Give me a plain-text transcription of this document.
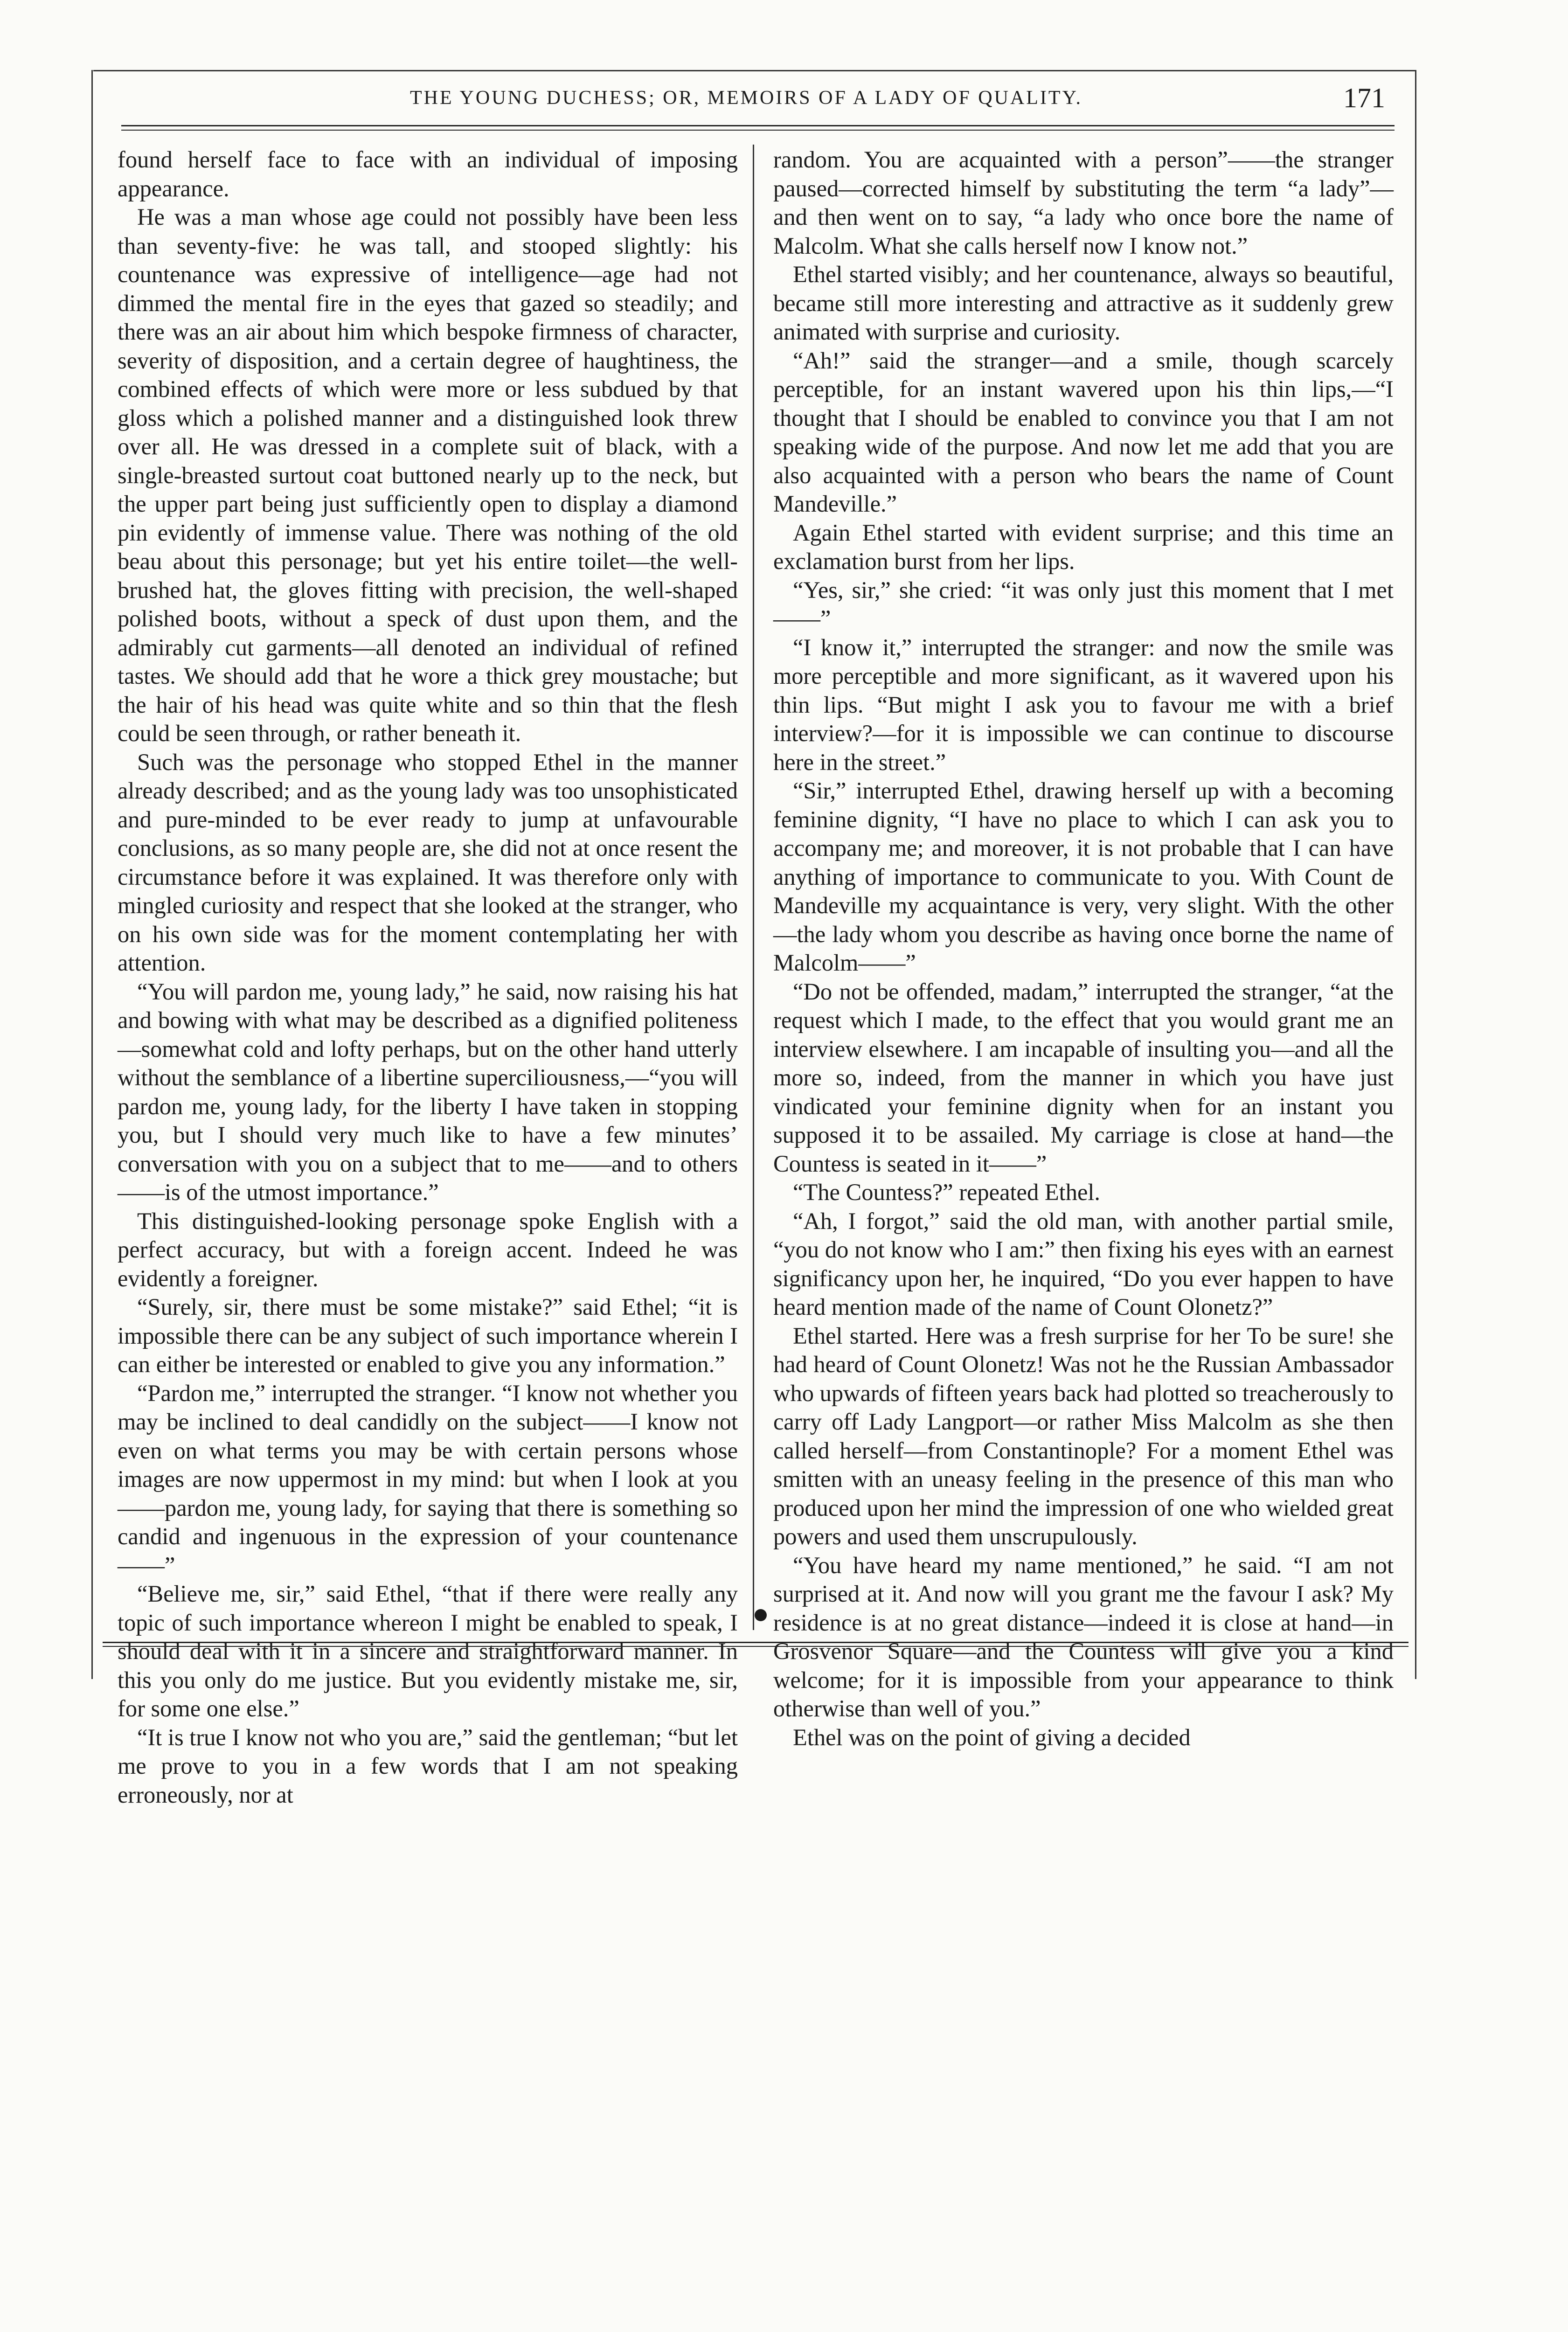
THE YOUNG DUCHESS; OR, MEMOIRS OF A LADY OF QUALITY.	171

found herself face to face with an individual of imposing appearance.

He was a man whose age could not possibly have been less than seventy-five: he was tall, and stooped slightly: his countenance was expressive of intelligence—age had not dimmed the mental fire in the eyes that gazed so steadily; and there was an air about him which bespoke firmness of character, severity of disposition, and a certain degree of haughtiness, the combined effects of which were more or less subdued by that gloss which a polished manner and a distinguished look threw over all. He was dressed in a complete suit of black, with a single-breasted surtout coat buttoned nearly up to the neck, but the upper part being just sufficiently open to display a diamond pin evidently of immense value. There was nothing of the old beau about this personage; but yet his entire toilet—the well-brushed hat, the gloves fitting with precision, the well-shaped polished boots, without a speck of dust upon them, and the admirably cut garments—all denoted an individual of refined tastes. We should add that he wore a thick grey moustache; but the hair of his head was quite white and so thin that the flesh could be seen through, or rather beneath it.

Such was the personage who stopped Ethel in the manner already described; and as the young lady was too unsophisticated and pure-minded to be ever ready to jump at unfavourable conclusions, as so many people are, she did not at once resent the circumstance before it was explained. It was therefore only with mingled curiosity and respect that she looked at the stranger, who on his own side was for the moment contemplating her with attention.

“You will pardon me, young lady,” he said, now raising his hat and bowing with what may be described as a dignified politeness—somewhat cold and lofty perhaps, but on the other hand utterly without the semblance of a libertine superciliousness,—“you will pardon me, young lady, for the liberty I have taken in stopping you, but I should very much like to have a few minutes’ conversation with you on a subject that to me——and to others——is of the utmost importance.”

This distinguished-looking personage spoke English with a perfect accuracy, but with a foreign accent. Indeed he was evidently a foreigner.

“Surely, sir, there must be some mistake?” said Ethel; “it is impossible there can be any subject of such importance wherein I can either be interested or enabled to give you any information.”

“Pardon me,” interrupted the stranger. “I know not whether you may be inclined to deal candidly on the subject——I know not even on what terms you may be with certain persons whose images are now uppermost in my mind: but when I look at you——pardon me, young lady, for saying that there is something so candid and ingenuous in the expression of your countenance——”

“Believe me, sir,” said Ethel, “that if there were really any topic of such importance whereon I might be enabled to speak, I should deal with it in a sincere and straightforward manner. In this you only do me justice. But you evidently mistake me, sir, for some one else.”

“It is true I know not who you are,” said the gentleman; “but let me prove to you in a few words that I am not speaking erroneously, nor at

random. You are acquainted with a person”——the stranger paused—corrected himself by substituting the term “a lady”—and then went on to say, “a lady who once bore the name of Malcolm. What she calls herself now I know not.”

Ethel started visibly; and her countenance, always so beautiful, became still more interesting and attractive as it suddenly grew animated with surprise and curiosity.

“Ah!” said the stranger—and a smile, though scarcely perceptible, for an instant wavered upon his thin lips,—“I thought that I should be enabled to convince you that I am not speaking wide of the purpose. And now let me add that you are also acquainted with a person who bears the name of Count Mandeville.”

Again Ethel started with evident surprise; and this time an exclamation burst from her lips.

“Yes, sir,” she cried: “it was only just this moment that I met——”

“I know it,” interrupted the stranger: and now the smile was more perceptible and more significant, as it wavered upon his thin lips. “But might I ask you to favour me with a brief interview?—for it is impossible we can continue to discourse here in the street.”

“Sir,” interrupted Ethel, drawing herself up with a becoming feminine dignity, “I have no place to which I can ask you to accompany me; and moreover, it is not probable that I can have anything of importance to communicate to you. With Count de Mandeville my acquaintance is very, very slight. With the other—the lady whom you describe as having once borne the name of Malcolm——”

“Do not be offended, madam,” interrupted the stranger, “at the request which I made, to the effect that you would grant me an interview elsewhere. I am incapable of insulting you—and all the more so, indeed, from the manner in which you have just vindicated your feminine dignity when for an instant you supposed it to be assailed. My carriage is close at hand—the Countess is seated in it——”

“The Countess?” repeated Ethel.

“Ah, I forgot,” said the old man, with another partial smile, “you do not know who I am:” then fixing his eyes with an earnest significancy upon her, he inquired, “Do you ever happen to have heard mention made of the name of Count Olonetz?”

Ethel started. Here was a fresh surprise for her To be sure! she had heard of Count Olonetz! Was not he the Russian Ambassador who upwards of fifteen years back had plotted so treacherously to carry off Lady Langport—or rather Miss Malcolm as she then called herself—from Constantinople? For a moment Ethel was smitten with an uneasy feeling in the presence of this man who produced upon her mind the impression of one who wielded great powers and used them unscrupulously.

“You have heard my name mentioned,” he said. “I am not surprised at it. And now will you grant me the favour I ask? My residence is at no great distance—indeed it is close at hand—in Grosvenor Square—and the Countess will give you a kind welcome; for it is impossible from your appearance to think otherwise than well of you.”

Ethel was on the point of giving a decided
